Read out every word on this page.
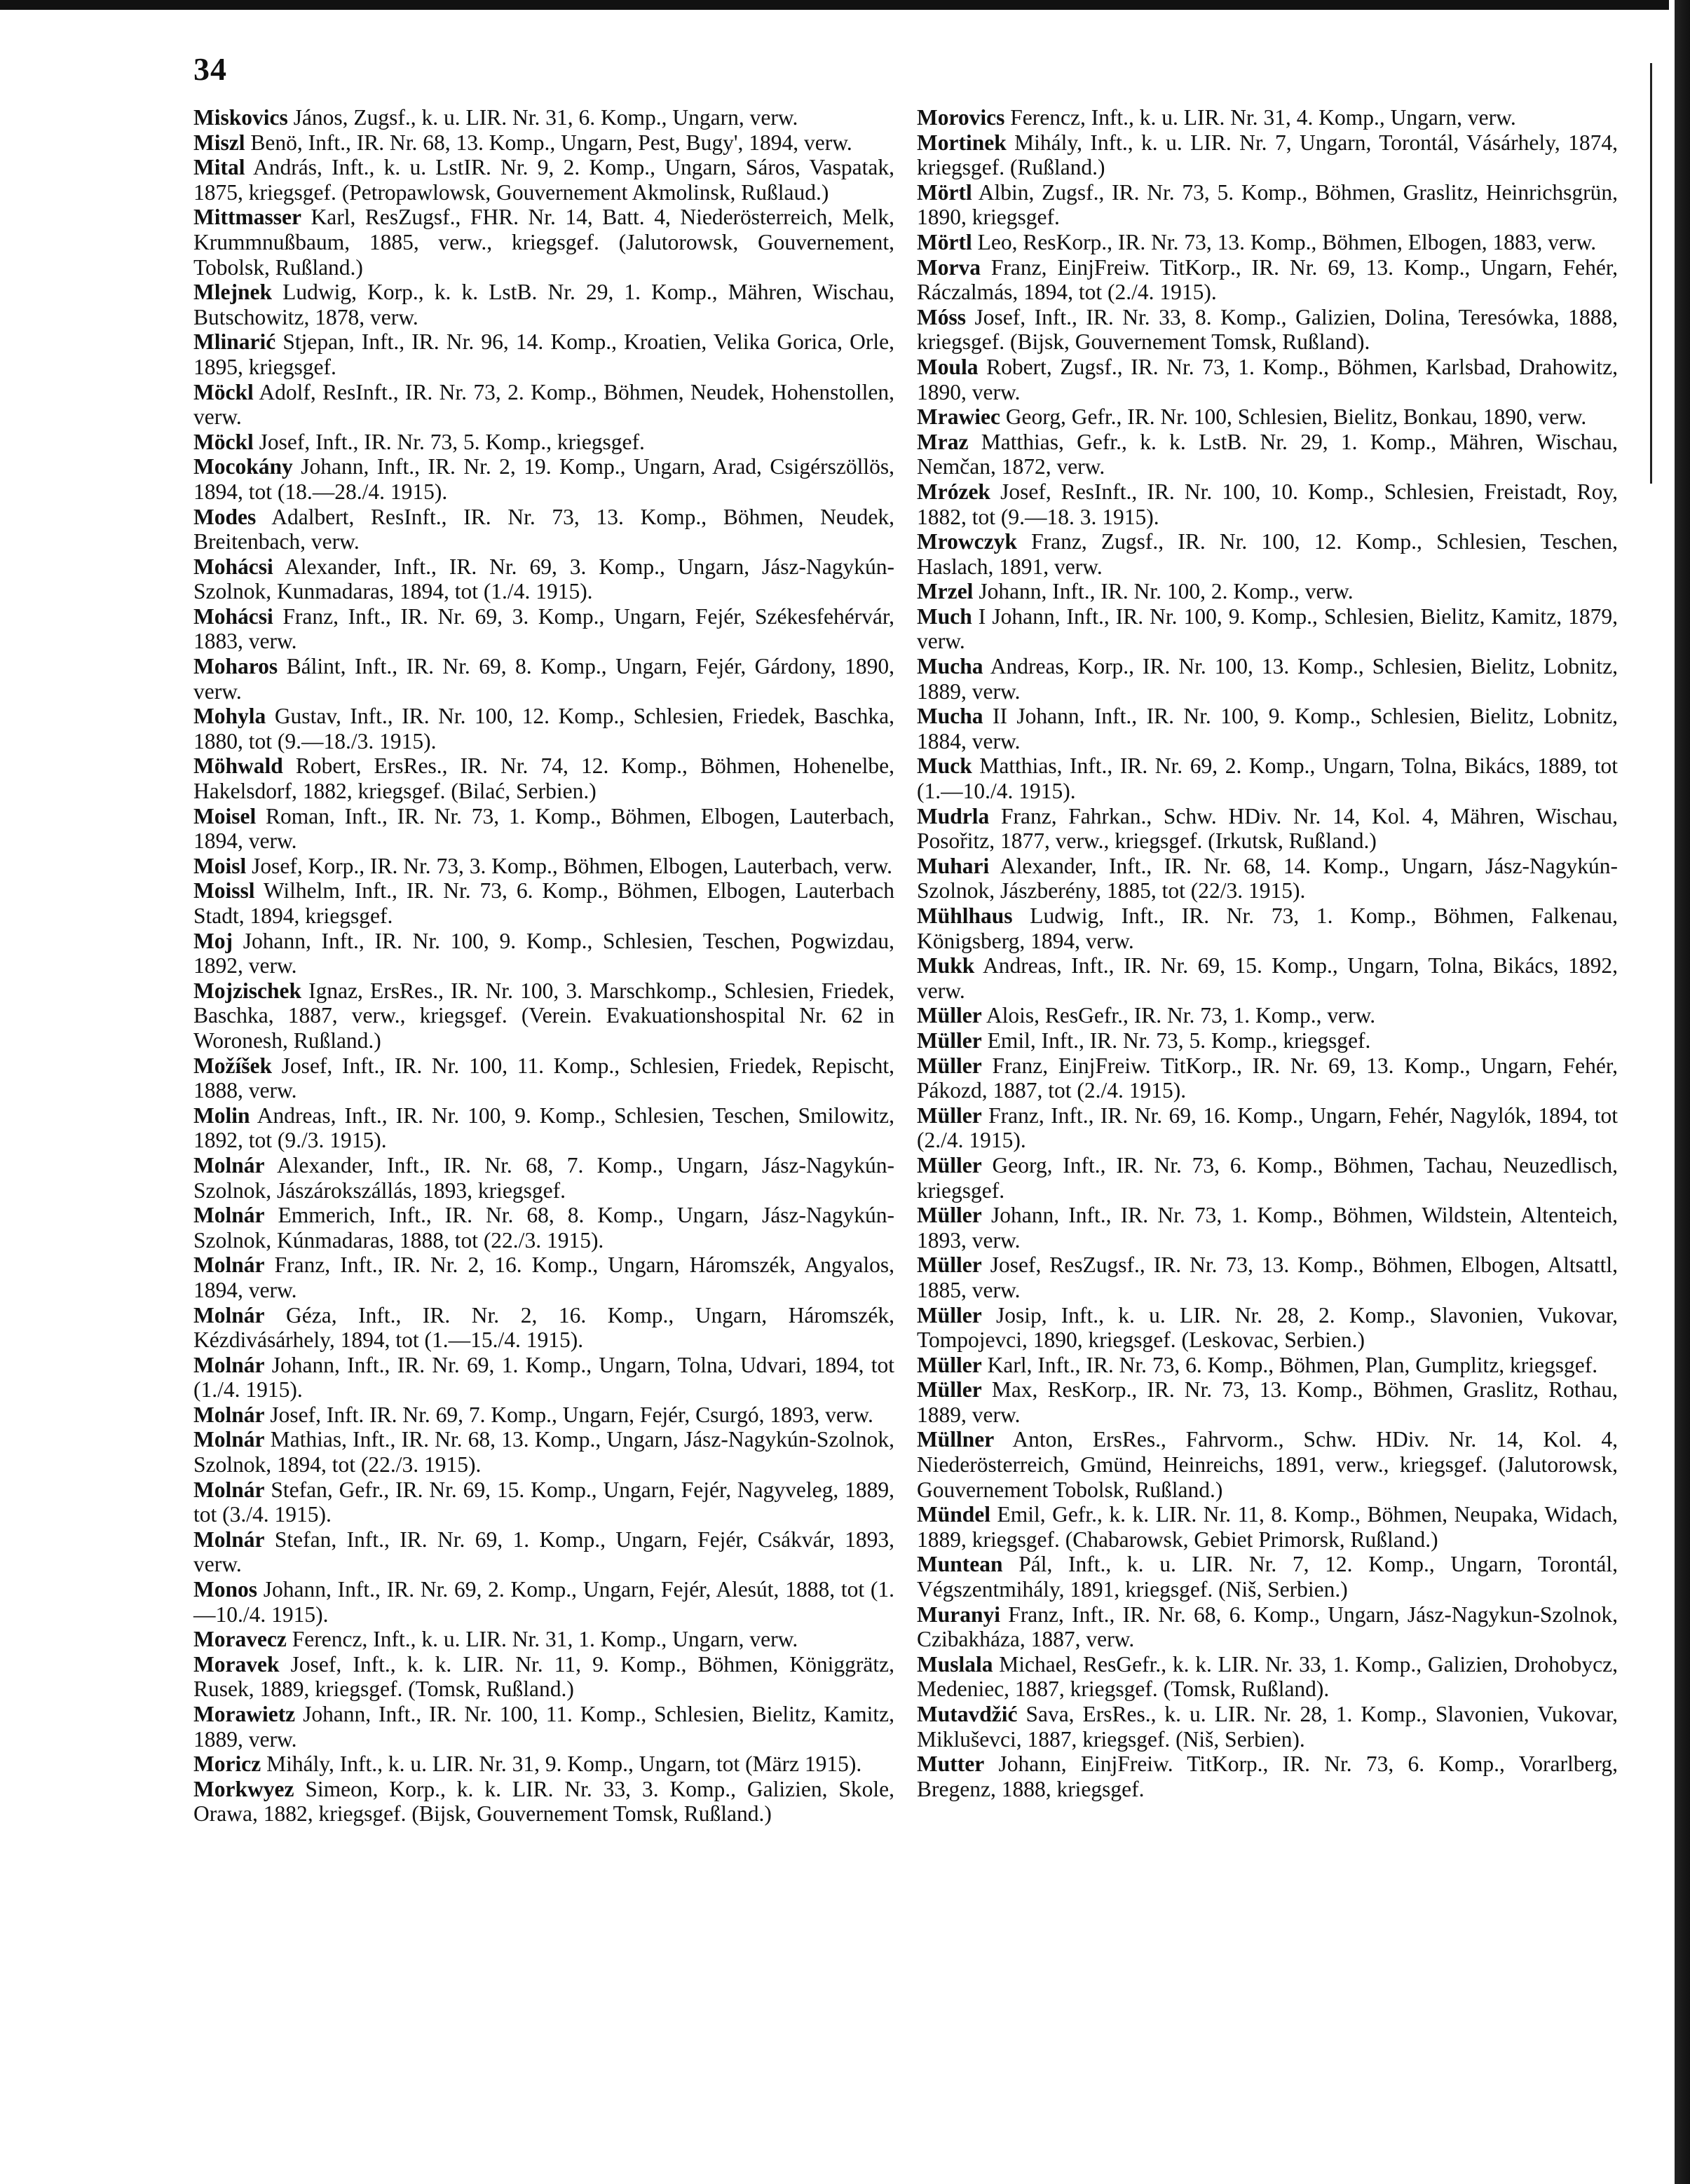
34

Miskovics János, Zugsf., k. u. LIR. Nr. 31, 6. Komp., Ungarn, verw.

Miszl Benö, Inft., IR. Nr. 68, 13. Komp., Ungarn, Pest, Bugy', 1894, verw.

Mital András, Inft., k. u. LstIR. Nr. 9, 2. Komp., Ungarn, Sáros, Vaspatak, 1875, kriegsgef. (Petropawlowsk, Gouvernement Akmolinsk, Rußlaud.)

Mittmasser Karl, ResZugsf., FHR. Nr. 14, Batt. 4, Niederösterreich, Melk, Krummnußbaum, 1885, verw., kriegsgef. (Jalutorowsk, Gouvernement, Tobolsk, Rußland.)

Mlejnek Ludwig, Korp., k. k. LstB. Nr. 29, 1. Komp., Mähren, Wischau, Butschowitz, 1878, verw.

Mlinarić Stjepan, Inft., IR. Nr. 96, 14. Komp., Kroatien, Velika Gorica, Orle, 1895, kriegsgef.

Möckl Adolf, ResInft., IR. Nr. 73, 2. Komp., Böhmen, Neudek, Hohenstollen, verw.

Möckl Josef, Inft., IR. Nr. 73, 5. Komp., kriegsgef.

Mocokány Johann, Inft., IR. Nr. 2, 19. Komp., Ungarn, Arad, Csigérszöllös, 1894, tot (18.—28./4. 1915).

Modes Adalbert, ResInft., IR. Nr. 73, 13. Komp., Böhmen, Neudek, Breitenbach, verw.

Mohácsi Alexander, Inft., IR. Nr. 69, 3. Komp., Ungarn, Jász-Nagykún-Szolnok, Kunmadaras, 1894, tot (1./4. 1915).

Mohácsi Franz, Inft., IR. Nr. 69, 3. Komp., Ungarn, Fejér, Székesfehérvár, 1883, verw.

Moharos Bálint, Inft., IR. Nr. 69, 8. Komp., Ungarn, Fejér, Gárdony, 1890, verw.

Mohyla Gustav, Inft., IR. Nr. 100, 12. Komp., Schlesien, Friedek, Baschka, 1880, tot (9.—18./3. 1915).

Möhwald Robert, ErsRes., IR. Nr. 74, 12. Komp., Böhmen, Hohenelbe, Hakelsdorf, 1882, kriegsgef. (Bilać, Serbien.)

Moisel Roman, Inft., IR. Nr. 73, 1. Komp., Böhmen, Elbogen, Lauterbach, 1894, verw.

Moisl Josef, Korp., IR. Nr. 73, 3. Komp., Böhmen, Elbogen, Lauterbach, verw.

Moissl Wilhelm, Inft., IR. Nr. 73, 6. Komp., Böhmen, Elbogen, Lauterbach Stadt, 1894, kriegsgef.

Moj Johann, Inft., IR. Nr. 100, 9. Komp., Schlesien, Teschen, Pogwizdau, 1892, verw.

Mojzischek Ignaz, ErsRes., IR. Nr. 100, 3. Marschkomp., Schlesien, Friedek, Baschka, 1887, verw., kriegsgef. (Verein. Evakuationshospital Nr. 62 in Woronesh, Rußland.)

Možíšek Josef, Inft., IR. Nr. 100, 11. Komp., Schlesien, Friedek, Repischt, 1888, verw.

Molin Andreas, Inft., IR. Nr. 100, 9. Komp., Schlesien, Teschen, Smilowitz, 1892, tot (9./3. 1915).

Molnár Alexander, Inft., IR. Nr. 68, 7. Komp., Ungarn, Jász-Nagykún-Szolnok, Jászárokszállás, 1893, kriegsgef.

Molnár Emmerich, Inft., IR. Nr. 68, 8. Komp., Ungarn, Jász-Nagykún-Szolnok, Kúnmadaras, 1888, tot (22./3. 1915).

Molnár Franz, Inft., IR. Nr. 2, 16. Komp., Ungarn, Háromszék, Angyalos, 1894, verw.

Molnár Géza, Inft., IR. Nr. 2, 16. Komp., Ungarn, Háromszék, Kézdivásárhely, 1894, tot (1.—15./4. 1915).

Molnár Johann, Inft., IR. Nr. 69, 1. Komp., Ungarn, Tolna, Udvari, 1894, tot (1./4. 1915).

Molnár Josef, Inft. IR. Nr. 69, 7. Komp., Ungarn, Fejér, Csurgó, 1893, verw.

Molnár Mathias, Inft., IR. Nr. 68, 13. Komp., Ungarn, Jász-Nagykún-Szolnok, Szolnok, 1894, tot (22./3. 1915).

Molnár Stefan, Gefr., IR. Nr. 69, 15. Komp., Ungarn, Fejér, Nagyveleg, 1889, tot (3./4. 1915).

Molnár Stefan, Inft., IR. Nr. 69, 1. Komp., Ungarn, Fejér, Csákvár, 1893, verw.

Monos Johann, Inft., IR. Nr. 69, 2. Komp., Ungarn, Fejér, Alesút, 1888, tot (1.—10./4. 1915).

Moravecz Ferencz, Inft., k. u. LIR. Nr. 31, 1. Komp., Ungarn, verw.

Moravek Josef, Inft., k. k. LIR. Nr. 11, 9. Komp., Böhmen, Königgrätz, Rusek, 1889, kriegsgef. (Tomsk, Rußland.)

Morawietz Johann, Inft., IR. Nr. 100, 11. Komp., Schlesien, Bielitz, Kamitz, 1889, verw.

Moricz Mihály, Inft., k. u. LIR. Nr. 31, 9. Komp., Ungarn, tot (März 1915).

Morkwyez Simeon, Korp., k. k. LIR. Nr. 33, 3. Komp., Galizien, Skole, Orawa, 1882, kriegsgef. (Bijsk, Gouvernement Tomsk, Rußland.)

Morovics Ferencz, Inft., k. u. LIR. Nr. 31, 4. Komp., Ungarn, verw.

Mortinek Mihály, Inft., k. u. LIR. Nr. 7, Ungarn, Torontál, Vásárhely, 1874, kriegsgef. (Rußland.)

Mörtl Albin, Zugsf., IR. Nr. 73, 5. Komp., Böhmen, Graslitz, Heinrichsgrün, 1890, kriegsgef.

Mörtl Leo, ResKorp., IR. Nr. 73, 13. Komp., Böhmen, Elbogen, 1883, verw.

Morva Franz, EinjFreiw. TitKorp., IR. Nr. 69, 13. Komp., Ungarn, Fehér, Ráczalmás, 1894, tot (2./4. 1915).

Móss Josef, Inft., IR. Nr. 33, 8. Komp., Galizien, Dolina, Teresówka, 1888, kriegsgef. (Bijsk, Gouvernement Tomsk, Rußland).

Moula Robert, Zugsf., IR. Nr. 73, 1. Komp., Böhmen, Karlsbad, Drahowitz, 1890, verw.

Mrawiec Georg, Gefr., IR. Nr. 100, Schlesien, Bielitz, Bonkau, 1890, verw.

Mraz Matthias, Gefr., k. k. LstB. Nr. 29, 1. Komp., Mähren, Wischau, Nemčan, 1872, verw.

Mrózek Josef, ResInft., IR. Nr. 100, 10. Komp., Schlesien, Freistadt, Roy, 1882, tot (9.—18. 3. 1915).

Mrowczyk Franz, Zugsf., IR. Nr. 100, 12. Komp., Schlesien, Teschen, Haslach, 1891, verw.

Mrzel Johann, Inft., IR. Nr. 100, 2. Komp., verw.

Much I Johann, Inft., IR. Nr. 100, 9. Komp., Schlesien, Bielitz, Kamitz, 1879, verw.

Mucha Andreas, Korp., IR. Nr. 100, 13. Komp., Schlesien, Bielitz, Lobnitz, 1889, verw.

Mucha II Johann, Inft., IR. Nr. 100, 9. Komp., Schlesien, Bielitz, Lobnitz, 1884, verw.

Muck Matthias, Inft., IR. Nr. 69, 2. Komp., Ungarn, Tolna, Bikács, 1889, tot (1.—10./4. 1915).

Mudrla Franz, Fahrkan., Schw. HDiv. Nr. 14, Kol. 4, Mähren, Wischau, Posořitz, 1877, verw., kriegsgef. (Irkutsk, Rußland.)

Muhari Alexander, Inft., IR. Nr. 68, 14. Komp., Ungarn, Jász-Nagykún-Szolnok, Jászberény, 1885, tot (22/3. 1915).

Mühlhaus Ludwig, Inft., IR. Nr. 73, 1. Komp., Böhmen, Falkenau, Königsberg, 1894, verw.

Mukk Andreas, Inft., IR. Nr. 69, 15. Komp., Ungarn, Tolna, Bikács, 1892, verw.

Müller Alois, ResGefr., IR. Nr. 73, 1. Komp., verw.

Müller Emil, Inft., IR. Nr. 73, 5. Komp., kriegsgef.

Müller Franz, EinjFreiw. TitKorp., IR. Nr. 69, 13. Komp., Ungarn, Fehér, Pákozd, 1887, tot (2./4. 1915).

Müller Franz, Inft., IR. Nr. 69, 16. Komp., Ungarn, Fehér, Nagylók, 1894, tot (2./4. 1915).

Müller Georg, Inft., IR. Nr. 73, 6. Komp., Böhmen, Tachau, Neuzedlisch, kriegsgef.

Müller Johann, Inft., IR. Nr. 73, 1. Komp., Böhmen, Wildstein, Altenteich, 1893, verw.

Müller Josef, ResZugsf., IR. Nr. 73, 13. Komp., Böhmen, Elbogen, Altsattl, 1885, verw.

Müller Josip, Inft., k. u. LIR. Nr. 28, 2. Komp., Slavonien, Vukovar, Tompojevci, 1890, kriegsgef. (Leskovac, Serbien.)

Müller Karl, Inft., IR. Nr. 73, 6. Komp., Böhmen, Plan, Gumplitz, kriegsgef.

Müller Max, ResKorp., IR. Nr. 73, 13. Komp., Böhmen, Graslitz, Rothau, 1889, verw.

Müllner Anton, ErsRes., Fahrvorm., Schw. HDiv. Nr. 14, Kol. 4, Niederösterreich, Gmünd, Heinreichs, 1891, verw., kriegsgef. (Jalutorowsk, Gouvernement Tobolsk, Rußland.)

Mündel Emil, Gefr., k. k. LIR. Nr. 11, 8. Komp., Böhmen, Neupaka, Widach, 1889, kriegsgef. (Chabarowsk, Gebiet Primorsk, Rußland.)

Muntean Pál, Inft., k. u. LIR. Nr. 7, 12. Komp., Ungarn, Torontál, Végszentmihály, 1891, kriegsgef. (Niš, Serbien.)

Muranyi Franz, Inft., IR. Nr. 68, 6. Komp., Ungarn, Jász-Nagykun-Szolnok, Czibakháza, 1887, verw.

Muslala Michael, ResGefr., k. k. LIR. Nr. 33, 1. Komp., Galizien, Drohobycz, Medeniec, 1887, kriegsgef. (Tomsk, Rußland).

Mutavdžić Sava, ErsRes., k. u. LIR. Nr. 28, 1. Komp., Slavonien, Vukovar, Mikluševci, 1887, kriegsgef. (Niš, Serbien).

Mutter Johann, EinjFreiw. TitKorp., IR. Nr. 73, 6. Komp., Vorarlberg, Bregenz, 1888, kriegsgef.
